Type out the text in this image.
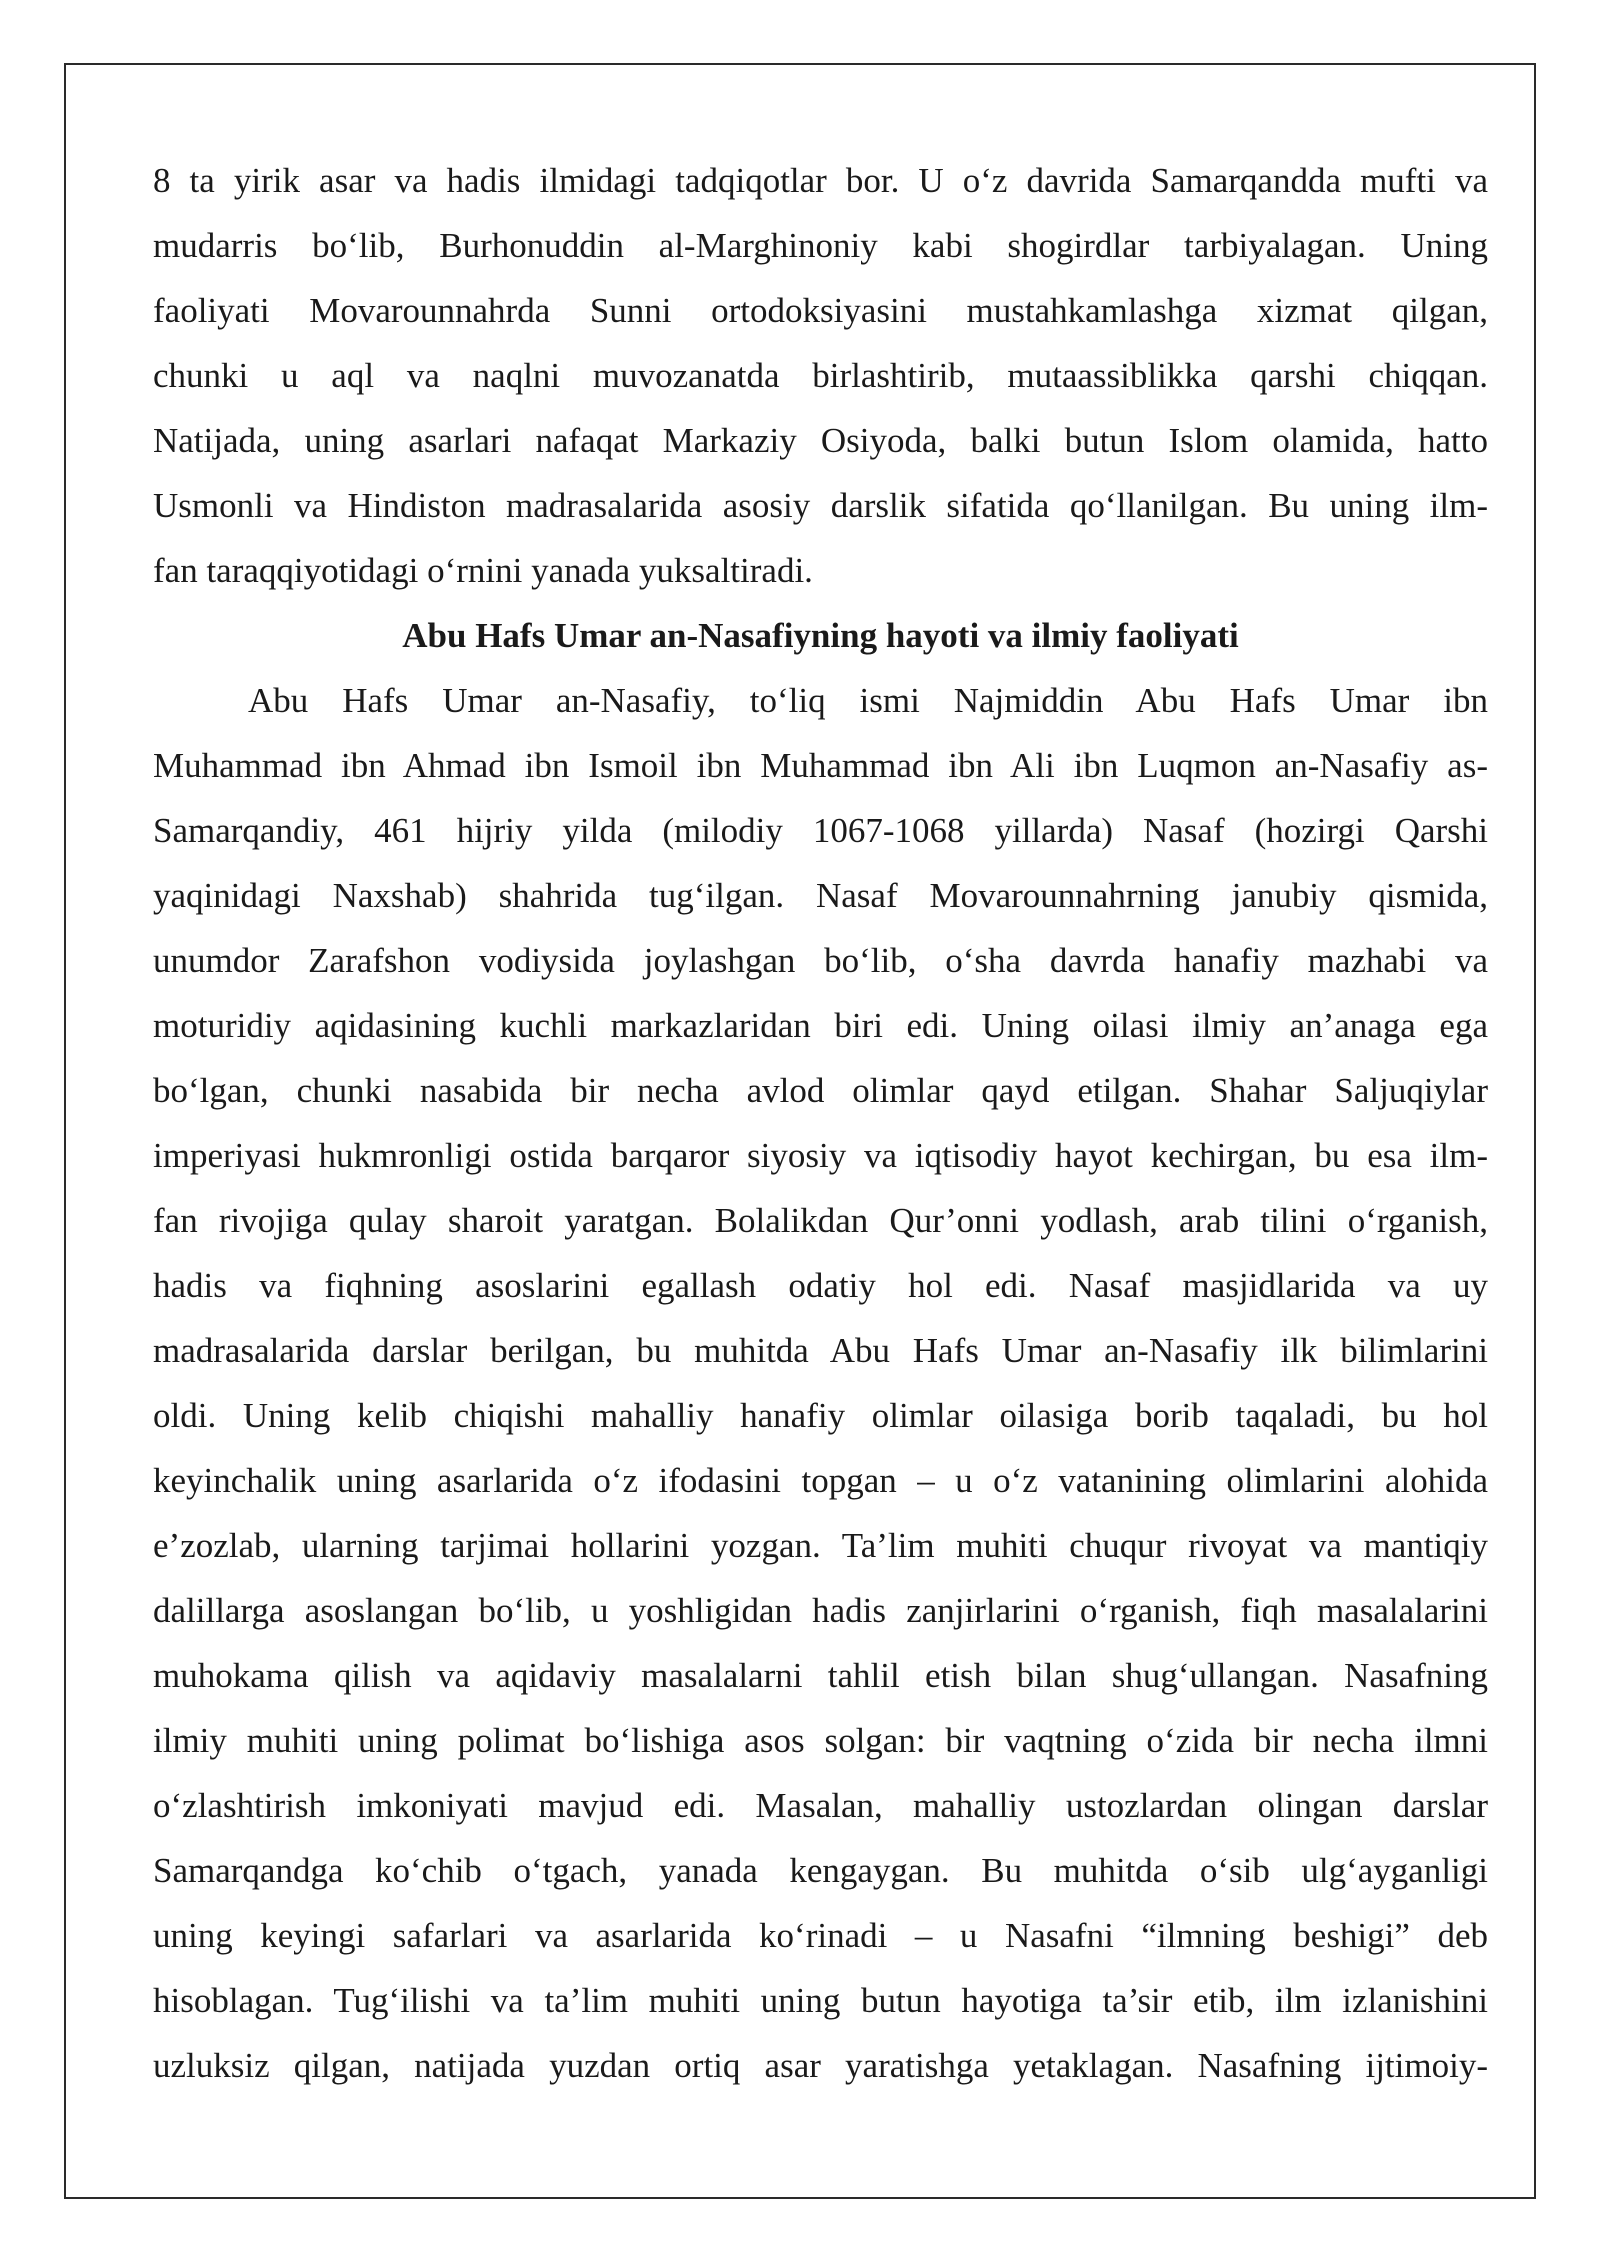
8 ta yirik asar va hadis ilmidagi tadqiqotlar bor. U o‘z davrida Samarqandda mufti va
mudarris bo‘lib, Burhonuddin al-Marghinoniy kabi shogirdlar tarbiyalagan. Uning
faoliyati Movarounnahrda Sunni ortodoksiyasini mustahkamlashga xizmat qilgan,
chunki u aql va naqlni muvozanatda birlashtirib, mutaassiblikka qarshi chiqqan.
Natijada, uning asarlari nafaqat Markaziy Osiyoda, balki butun Islom olamida, hatto
Usmonli va Hindiston madrasalarida asosiy darslik sifatida qo‘llanilgan. Bu uning ilm-
fan taraqqiyotidagi o‘rnini yanada yuksaltiradi.

Abu Hafs Umar an-Nasafiyning hayoti va ilmiy faoliyati

Abu Hafs Umar an-Nasafiy, to‘liq ismi Najmiddin Abu Hafs Umar ibn
Muhammad ibn Ahmad ibn Ismoil ibn Muhammad ibn Ali ibn Luqmon an-Nasafiy as-
Samarqandiy, 461 hijriy yilda (milodiy 1067-1068 yillarda) Nasaf (hozirgi Qarshi
yaqinidagi Naxshab) shahrida tug‘ilgan. Nasaf Movarounnahrning janubiy qismida,
unumdor Zarafshon vodiysida joylashgan bo‘lib, o‘sha davrda hanafiy mazhabi va
moturidiy aqidasining kuchli markazlaridan biri edi. Uning oilasi ilmiy an’anaga ega
bo‘lgan, chunki nasabida bir necha avlod olimlar qayd etilgan. Shahar Saljuqiylar
imperiyasi hukmronligi ostida barqaror siyosiy va iqtisodiy hayot kechirgan, bu esa ilm-
fan rivojiga qulay sharoit yaratgan. Bolalikdan Qur’onni yodlash, arab tilini o‘rganish,
hadis va fiqhning asoslarini egallash odatiy hol edi. Nasaf masjidlarida va uy
madrasalarida darslar berilgan, bu muhitda Abu Hafs Umar an-Nasafiy ilk bilimlarini
oldi. Uning kelib chiqishi mahalliy hanafiy olimlar oilasiga borib taqaladi, bu hol
keyinchalik uning asarlarida o‘z ifodasini topgan – u o‘z vatanining olimlarini alohida
e’zozlab, ularning tarjimai hollarini yozgan. Ta’lim muhiti chuqur rivoyat va mantiqiy
dalillarga asoslangan bo‘lib, u yoshligidan hadis zanjirlarini o‘rganish, fiqh masalalarini
muhokama qilish va aqidaviy masalalarni tahlil etish bilan shug‘ullangan. Nasafning
ilmiy muhiti uning polimat bo‘lishiga asos solgan: bir vaqtning o‘zida bir necha ilmni
o‘zlashtirish imkoniyati mavjud edi. Masalan, mahalliy ustozlardan olingan darslar
Samarqandga ko‘chib o‘tgach, yanada kengaygan. Bu muhitda o‘sib ulg‘ayganligi
uning keyingi safarlari va asarlarida ko‘rinadi – u Nasafni “ilmning beshigi” deb
hisoblagan. Tug‘ilishi va ta’lim muhiti uning butun hayotiga ta’sir etib, ilm izlanishini
uzluksiz qilgan, natijada yuzdan ortiq asar yaratishga yetaklagan. Nasafning ijtimoiy-
